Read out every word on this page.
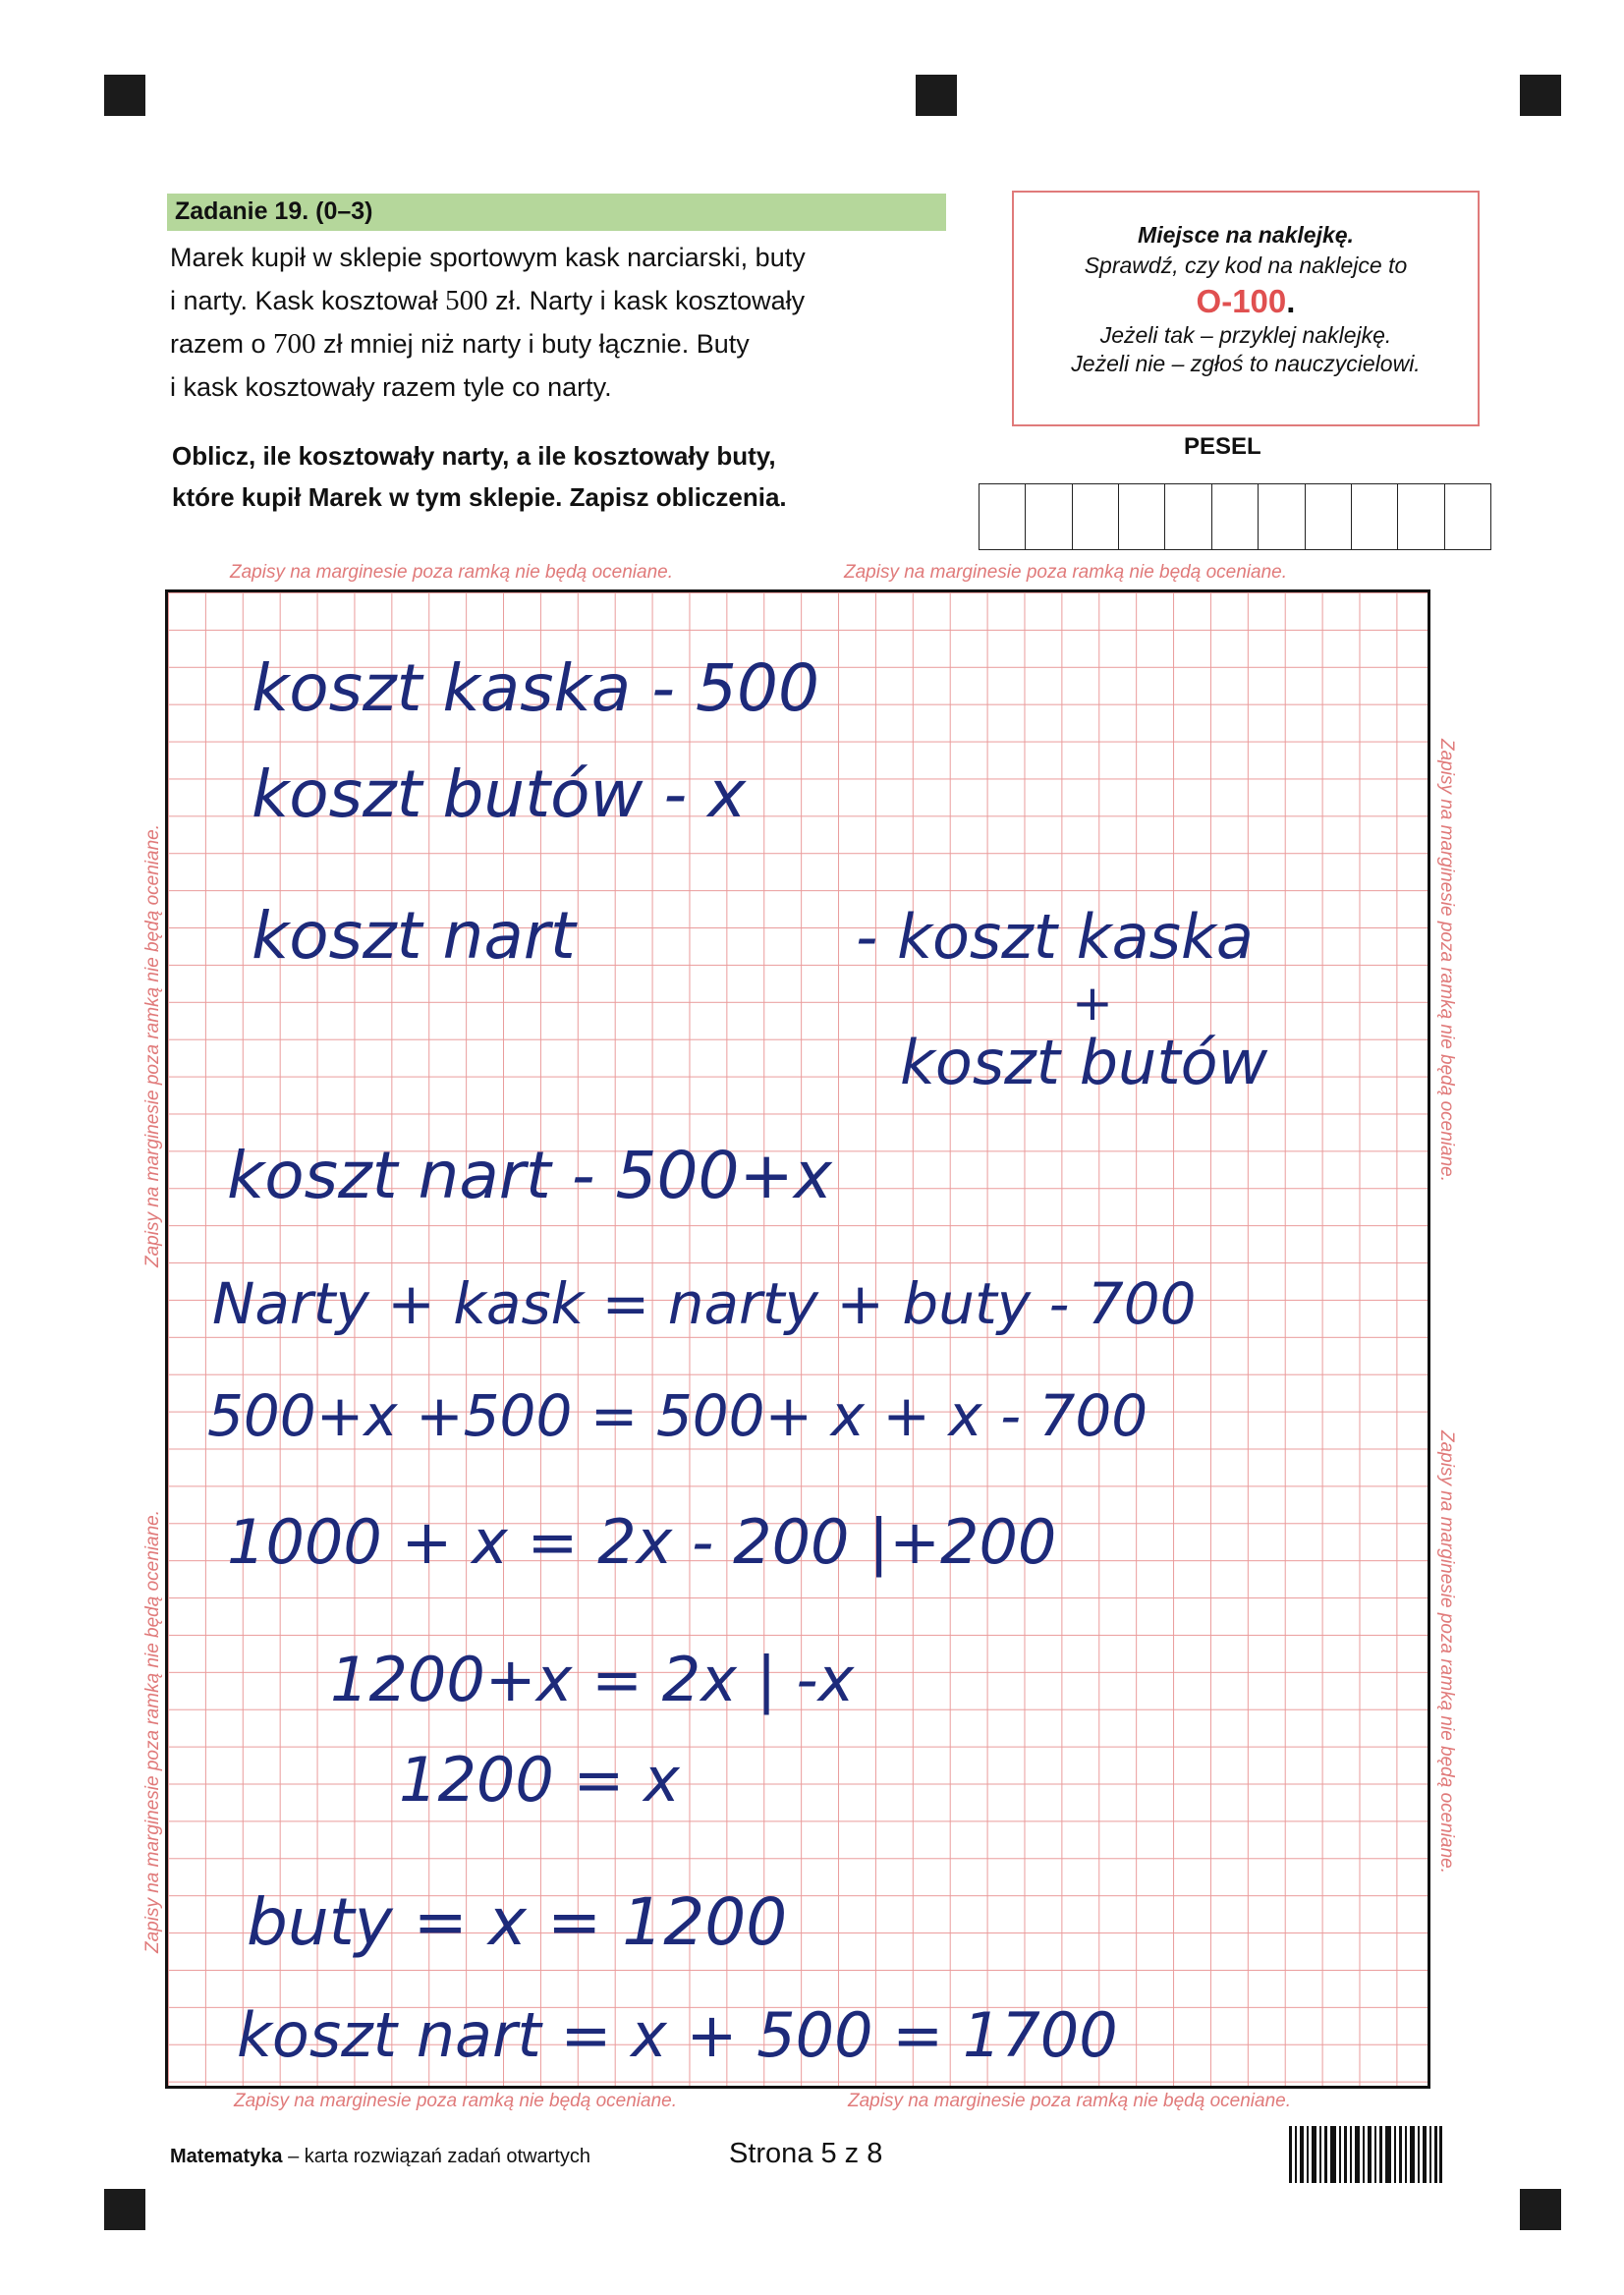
Zadanie 19. (0–3)

Marek kupił w sklepie sportowym kask narciarski, buty

i narty. Kask kosztował 500 zł. Narty i kask kosztowały

razem o 700 zł mniej niż narty i buty łącznie. Buty

i kask kosztowały razem tyle co narty.

Oblicz, ile kosztowały narty, a ile kosztowały buty,

które kupił Marek w tym sklepie. Zapisz obliczenia.

Miejsce na naklejkę.
Sprawdź, czy kod na naklejce to
O-100.
Jeżeli tak – przyklej naklejkę.
Jeżeli nie – zgłoś to nauczycielowi.
PESEL
Zapisy na marginesie poza ramką nie będą oceniane.	Zapisy na marginesie poza ramką nie będą oceniane.
Zapisy na marginesie poza ramką nie będą oceniane.	Zapisy na marginesie poza ramką nie będą oceniane.
Zapisy na marginesie poza ramką nie będą oceniane.
Zapisy na marginesie poza ramką nie będą oceniane.
Zapisy na marginesie poza ramką nie będą oceniane.
Zapisy na marginesie poza ramką nie będą oceniane.
koszt kaska - 500
koszt butów - x
koszt nart	- koszt kaska
+
koszt butów
koszt nart - 500+x
Narty + kask = narty + buty - 700
500+x +500 = 500+ x + x - 700
1000 + x = 2x - 200 |+200
1200+x = 2x | -x
1200 = x
buty = x = 1200
koszt nart = x + 500 = 1700
Matematyka – karta rozwiązań zadań otwartych	Strona 5 z 8
